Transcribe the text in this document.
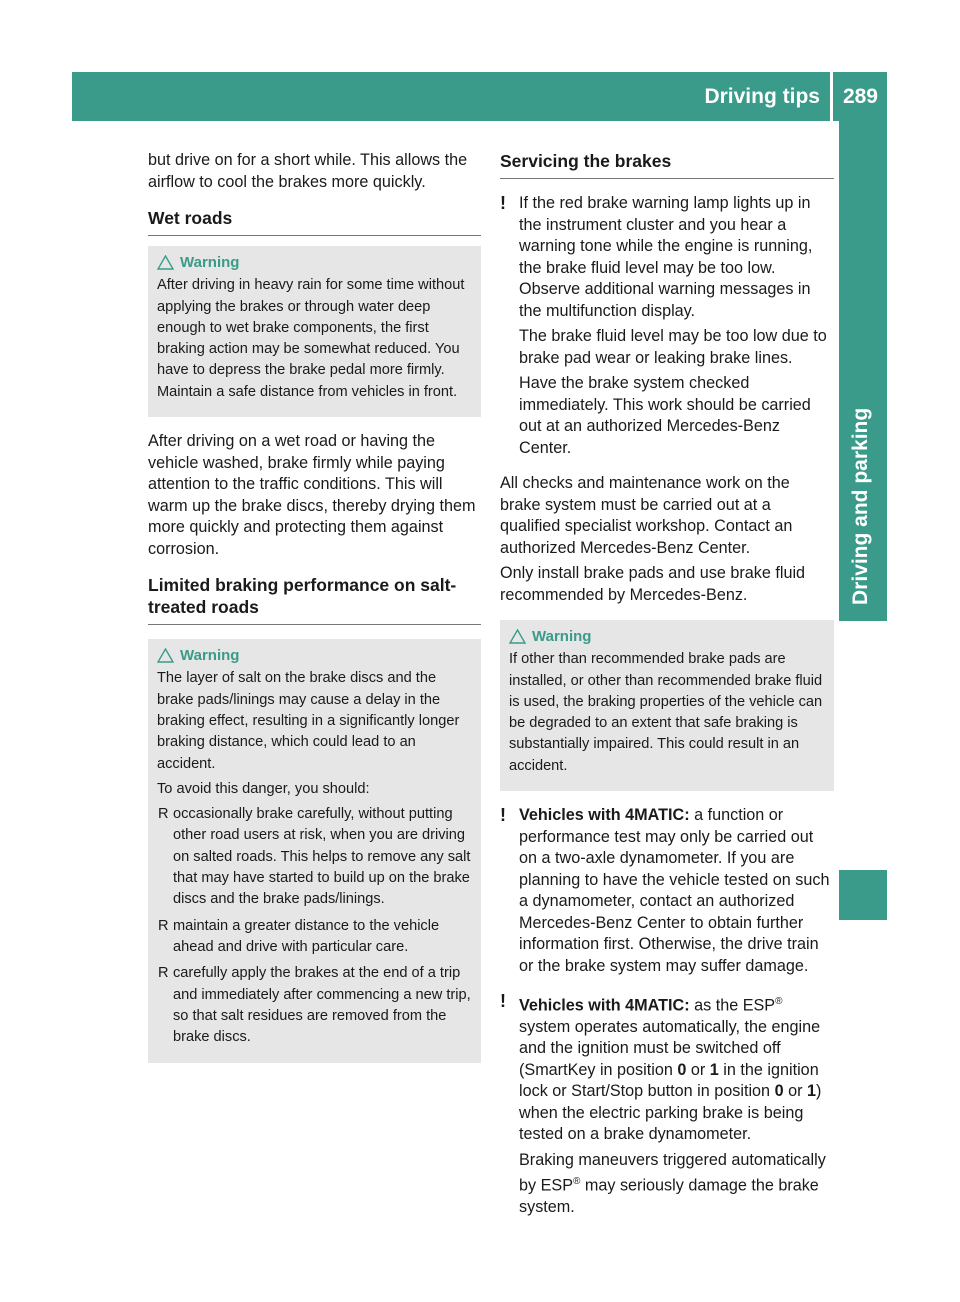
Driving tips	289
Driving and parking

but drive on for a short while. This allows the airflow to cool the brakes more quickly.

Wet roads
Warning

After driving in heavy rain for some time without applying the brakes or through water deep enough to wet brake components, the first braking action may be somewhat reduced. You have to depress the brake pedal more firmly. Maintain a safe distance from vehicles in front.

After driving on a wet road or having the vehicle washed, brake firmly while paying attention to the traffic conditions. This will warm up the brake discs, thereby drying them more quickly and protecting them against corrosion.

Limited braking performance on salt-treated roads
Warning

The layer of salt on the brake discs and the brake pads/linings may cause a delay in the braking effect, resulting in a significantly longer braking distance, which could lead to an accident.

To avoid this danger, you should:

R occasionally brake carefully, without putting other road users at risk, when you are driving on salted roads. This helps to remove any salt that may have started to build up on the brake discs and the brake pads/linings.
R maintain a greater distance to the vehicle ahead and drive with particular care.
R carefully apply the brakes at the end of a trip and immediately after commencing a new trip, so that salt residues are removed from the brake discs.
Servicing the brakes
! If the red brake warning lamp lights up in the instrument cluster and you hear a warning tone while the engine is running, the brake fluid level may be too low. Observe additional warning messages in the multifunction display.

The brake fluid level may be too low due to brake pad wear or leaking brake lines.

Have the brake system checked immediately. This work should be carried out at an authorized Mercedes-Benz Center.

All checks and maintenance work on the brake system must be carried out at a qualified specialist workshop. Contact an authorized Mercedes-Benz Center.

Only install brake pads and use brake fluid recommended by Mercedes-Benz.

Warning

If other than recommended brake pads are installed, or other than recommended brake fluid is used, the braking properties of the vehicle can be degraded to an extent that safe braking is substantially impaired. This could result in an accident.

! Vehicles with 4MATIC: a function or performance test may only be carried out on a two-axle dynamometer. If you are planning to have the vehicle tested on such a dynamometer, contact an authorized Mercedes-Benz Center to obtain further information first. Otherwise, the drive train or the brake system may suffer damage.

! Vehicles with 4MATIC: as the ESP® system operates automatically, the engine and the ignition must be switched off (SmartKey in position 0 or 1 in the ignition lock or Start/Stop button in position 0 or 1) when the electric parking brake is being tested on a brake dynamometer.

Braking maneuvers triggered automatically by ESP® may seriously damage the brake system.
